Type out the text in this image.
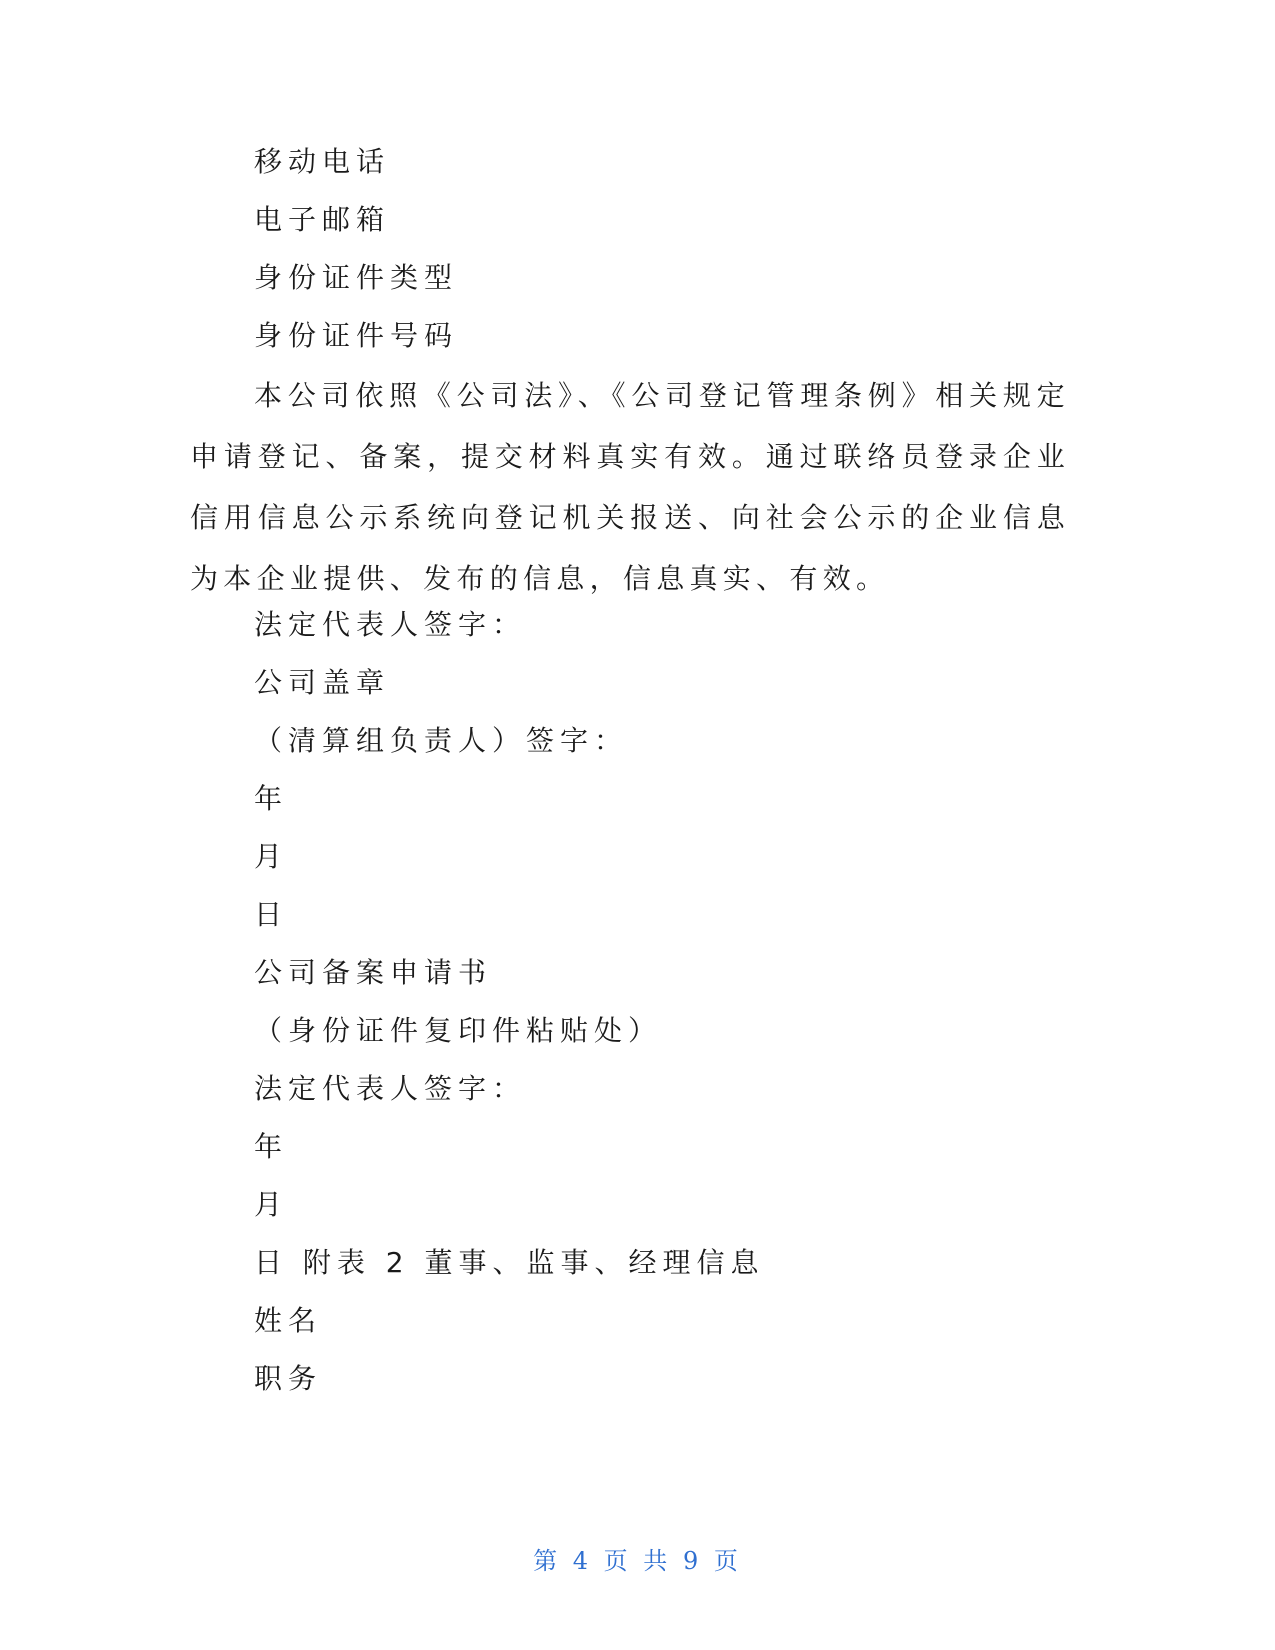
移动电话
电子邮箱
身份证件类型
身份证件号码
本公司依照《公司法》、《公司登记管理条例》相关规定申请登记、备案，提交材料真实有效。通过联络员登录企业信用信息公示系统向登记机关报送、向社会公示的企业信息为本企业提供、发布的信息，信息真实、有效。
法定代表人签字：
公司盖章
（清算组负责人）签字：
年
月
日
公司备案申请书
（身份证件复印件粘贴处）
法定代表人签字：
年
月
日 附表 2 董事、监事、经理信息
姓名
职务
第 4 页 共 9 页
